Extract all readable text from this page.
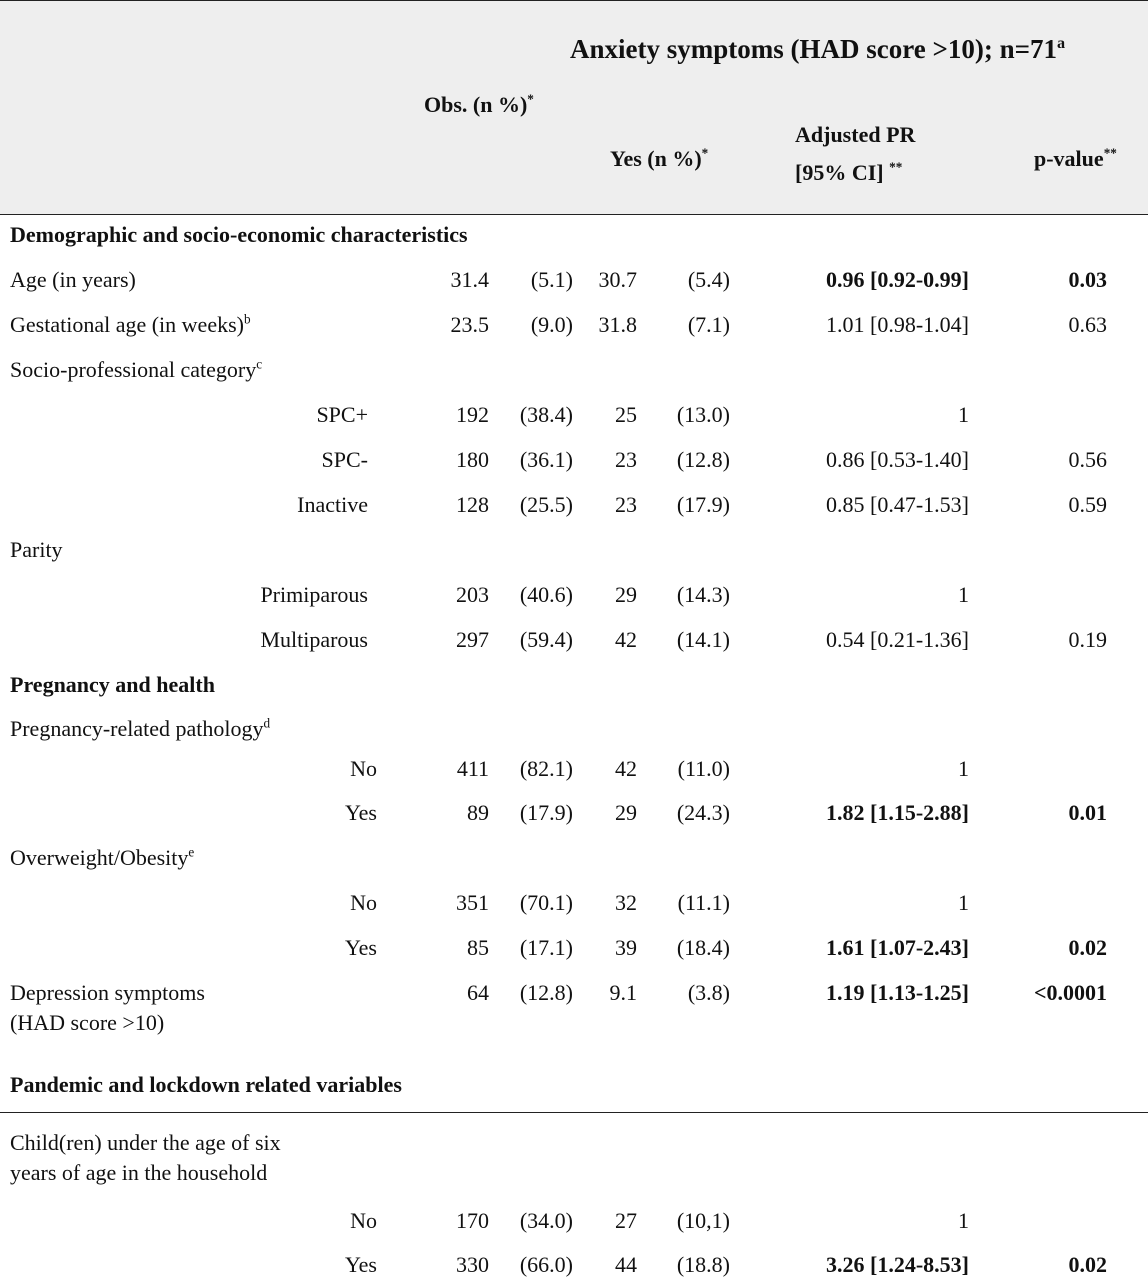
Anxiety symptoms (HAD score >10); $n=71^a$
Obs. (n %)*
Yes (n %)*
Adjusted PR
[95% CI] **	p-value**
Demographic and socio-economic characteristics
Age (in years)	31.4 (5.1) 30.7 (5.4)	0.96 [0.92-0.99]	0.03
Gestational age (in weeks)$^b$	23.5 (9.0) 31.8 (7.1)	1.01 [0.98-1.04]	0.63
Socio-professional category$^c$
SPC+	192 (38.4) 25 (13.0)	1
SPC-	180 (36.1) 23 (12.8)	0.86 [0.53-1.40]	0.56
Inactive	128 (25.5) 23 (17.9)	0.85 [0.47-1.53]	0.59
Parity
Primiparous	203 (40.6) 29 (14.3)	1
Multiparous	297 (59.4) 42 (14.1)	0.54 [0.21-1.36]	0.19
Pregnancy and health
Pregnancy-related pathology$^d$
No	411 (82.1) 42 (11.0)	1
Yes	89 (17.9) 29 (24.3)	1.82 [1.15-2.88]	0.01
Overweight/Obesity$^e$
No	351 (70.1) 32 (11.1)	1
Yes	85 (17.1) 39 (18.4)	1.61 [1.07-2.43]	0.02
Depression symptoms
(HAD score >10)
64 (12.8) 9.1 (3.8)	1.19 [1.13-1.25]	<0.0001
Pandemic and lockdown related variables
Child(ren) under the age of six
years of age in the household
No	170 (34.0) 27 (10,1)	1
Yes	330 (66.0) 44 (18.8)	3.26 [1.24-8.53]	0.02
